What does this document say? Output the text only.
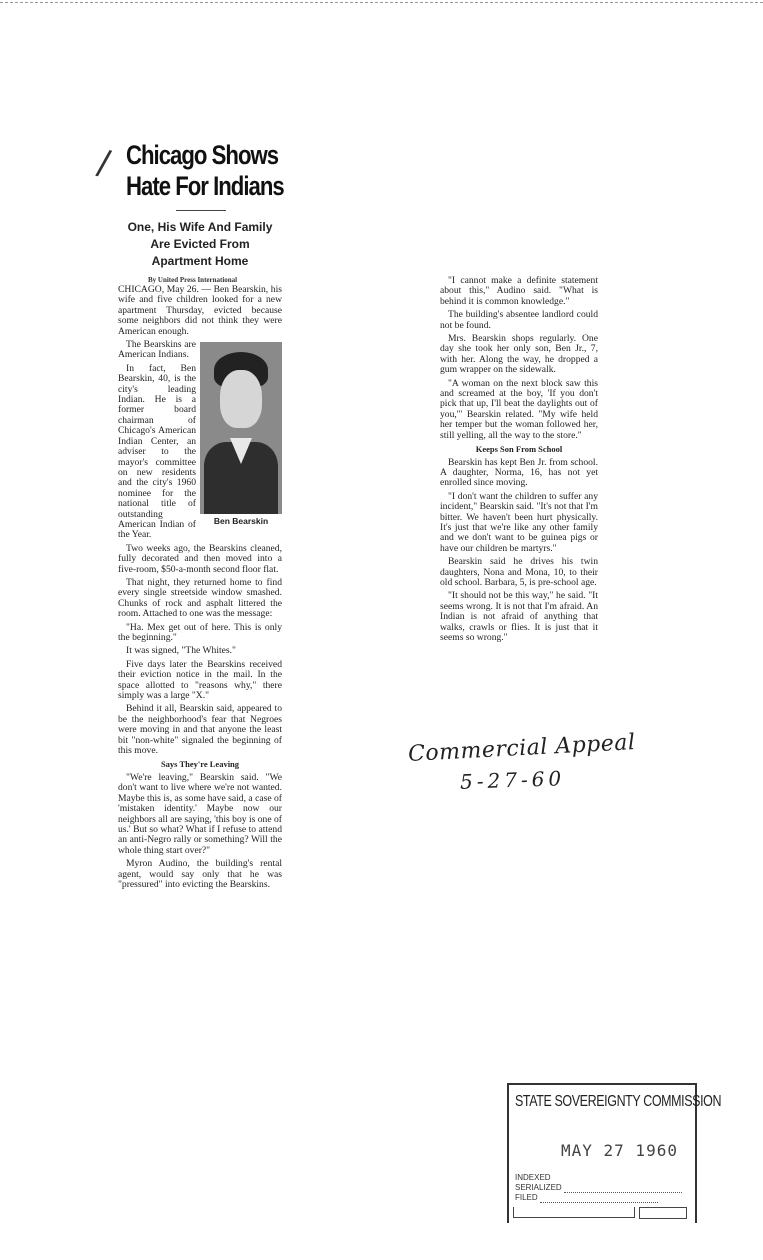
/ Chicago Shows
Hate For Indians
One, His Wife And Family
Are Evicted From
Apartment Home
By United Press International

CHICAGO, May 26. — Ben Bearskin, his wife and five children looked for a new apartment Thursday, evicted because some neighbors did not think they were American enough.

Ben Bearskin

The Bearskins are American Indians.

In fact, Ben Bearskin, 40, is the city's leading Indian. He is a former board chairman of Chicago's American Indian Center, an adviser to the mayor's committee on new residents and the city's 1960 nominee for the national title of outstanding American Indian of the Year.

Two weeks ago, the Bearskins cleaned, fully decorated and then moved into a five-room, $50-a-month second floor flat.

That night, they returned home to find every single streetside window smashed. Chunks of rock and asphalt littered the room. Attached to one was the message:

"Ha. Mex get out of here. This is only the beginning."

It was signed, "The Whites."

Five days later the Bearskins received their eviction notice in the mail. In the space allotted to "reasons why," there simply was a large "X."

Behind it all, Bearskin said, appeared to be the neighborhood's fear that Negroes were moving in and that anyone the least bit "non-white" signaled the beginning of this move.

Says They're Leaving

"We're leaving," Bearskin said. "We don't want to live where we're not wanted. Maybe this is, as some have said, a case of 'mistaken identity.' Maybe now our neighbors all are saying, 'this boy is one of us.' But so what? What if I refuse to attend an anti-Negro rally or something? Will the whole thing start over?"

Myron Audino, the building's rental agent, would say only that he was "pressured" into evicting the Bearskins.

"I cannot make a definite statement about this," Audino said. "What is behind it is common knowledge."

The building's absentee landlord could not be found.

Mrs. Bearskin shops regularly. One day she took her only son, Ben Jr., 7, with her. Along the way, he dropped a gum wrapper on the sidewalk.

"A woman on the next block saw this and screamed at the boy, 'If you don't pick that up, I'll beat the daylights out of you,'" Bearskin related. "My wife held her temper but the woman followed her, still yelling, all the way to the store."

Keeps Son From School

Bearskin has kept Ben Jr. from school. A daughter, Norma, 16, has not yet enrolled since moving.

"I don't want the children to suffer any incident," Bearskin said. "It's not that I'm bitter. We haven't been hurt physically. It's just that we're like any other family and we don't want to be guinea pigs or have our children be martyrs."

Bearskin said he drives his twin daughters, Nona and Mona, 10, to their old school. Barbara, 5, is pre-school age.

"It should not be this way," he said. "It seems wrong. It is not that I'm afraid. An Indian is not afraid of anything that walks, crawls or flies. It is just that it seems so wrong."

Commercial Appeal
5-27-60
STATE SOVEREIGNTY COMMISSION
MAY 27 1960
INDEXED
SERIALIZED
FILED
